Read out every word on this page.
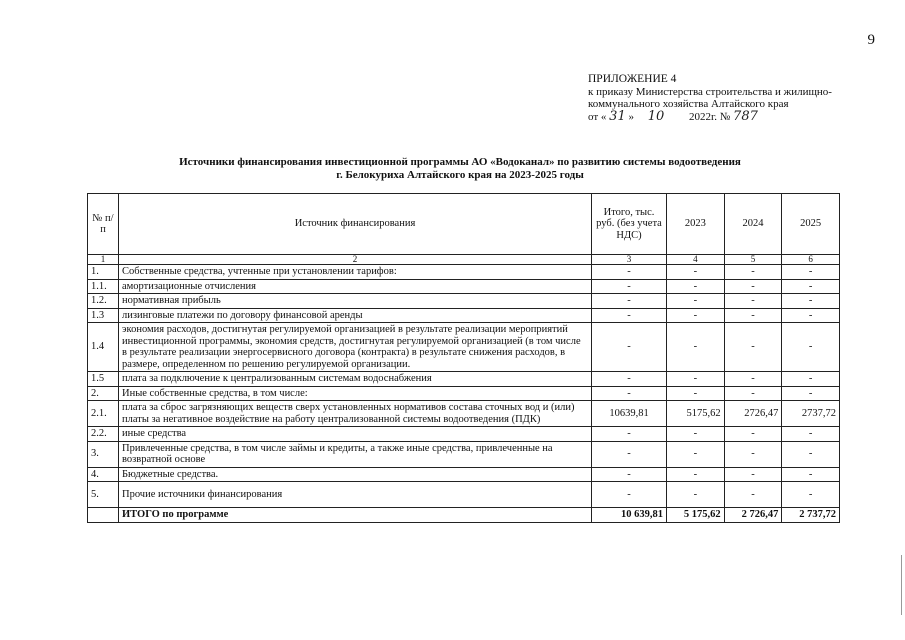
9
ПРИЛОЖЕНИЕ 4
к приказу Министерства строительства и жилищно-
коммунального хозяйства Алтайского края
от « 31 » 10 2022г. № 787
Источники финансирования инвестиционной программы АО «Водоканал» по развитию системы водоотведения
г. Белокуриха Алтайского края на 2023-2025 годы
№ п/п	Источник финансирования	Итого, тыс. руб. (без учета НДС)	2023	2024	2025
1	2	3	4	5	6
1.	Собственные средства, учтенные при установлении тарифов:	-	-	-	-
1.1.	амортизационные отчисления	-	-	-	-
1.2.	нормативная прибыль	-	-	-	-
1.3	лизинговые платежи по договору финансовой аренды	-	-	-	-
1.4	экономия расходов, достигнутая регулируемой организацией в результате реализации мероприятий инвестиционной программы, экономия средств, достигнутая регулируемой организацией (в том числе в результате реализации энергосервисного договора (контракта) в результате снижения расходов, в размере, определенном по решению регулируемой организации.	-	-	-	-
1.5	плата за подключение к централизованным системам водоснабжения	-	-	-	-
2.	Иные собственные средства, в том числе:	-	-	-	-
2.1.	плата за сброс загрязняющих веществ сверх установленных нормативов состава сточных вод и (или) платы за негативное воздействие на работу централизованной системы водоотведения (ПДК)	10639,81	5175,62	2726,47	2737,72
2.2.	иные средства	-	-	-	-
3.	Привлеченные средства, в том числе займы и кредиты, а также иные средства, привлеченные на возвратной основе	-	-	-	-
4.	Бюджетные средства.	-	-	-	-
5.	Прочие источники финансирования	-	-	-	-
	ИТОГО по программе	10 639,81	5 175,62	2 726,47	2 737,72
